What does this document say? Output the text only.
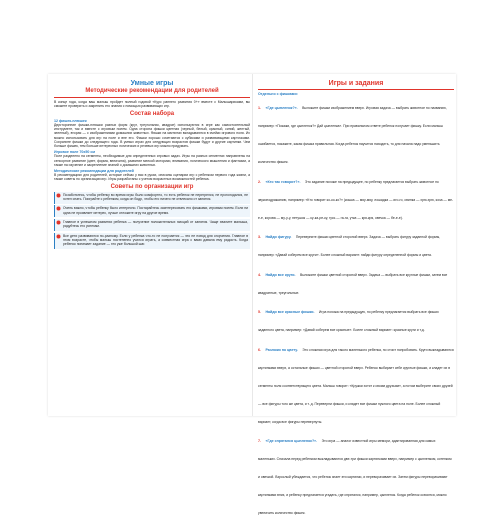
Умные игры
Методические рекомендации для родителей

В конце года, когда ваш малыш пройдет полный годовой «Курс раннего развития 0+» вместе с Малышариками, вы сможете проверить и закрепить его знания с помощью развивающих игр.

Состав набора
12 фишек-плюшек

Двусторонние фишки-плюшки разных форм (круг, треугольник, квадрат) используются в игре как самостоятельный инструмент, так и вместе с игровым полем. Одна сторона фишки цветная (черный, белый, красный, синий, желтый, зеленый), вторая — с изображениями домашних животных. Фишки на магнитах вкладываются в ячейки игрового поля. Их можно использовать для игр на поле и вне его. Фишки хорошо сочетаются с кубиками и развивающими карточками. Сохраните фишки до следующего года. В умных играх для следующих возрастов фишки будут и другие картинки. Чем больше фишек, тем больше интересных логических и речевых игр можно придумать.

Игровое поле 70х50 см

Поле разделено на сегменты, необходимые для определенных игровых задач. Игры на разных сегментах направлены на сенсорное развитие (цвет, форма, величина), развитие мелкой моторики, внимания, логического мышления и фантазии, а также на изучение и закрепление знаний о домашних животных.

Методические рекомендации для родителей

В рекомендациях для родителей, которые сейчас у вас в руках, описаны сценарии игр с ребенком первого года жизни, а также советы по организации игр. Игры разработаны с учетом возрастных возможностей ребенка.

Советы по организации игр

Позаботьтесь, чтобы ребенку во время игры было комфортно, то есть ребенок не перегрелся, не проголодался, не хотел спать. Поиграйте с ребенком, когда он бодр, чтобы его ничего не отвлекало от занятия.

Очень важно, чтобы ребенку было интересно. Постарайтесь заинтересовать его фишками, игровым полем. Если ни одна не проявляет интерес, лучше отложите игру на другое время.

Главное в успешном развитии ребенка — получение положительных эмоций от занятия. Чаще хвалите малыша, радуйтесь его успехам.

Все дети развиваются по-разному. Если у ребенка что-то не получается — это не повод для огорчения. Главное в этом возрасте, чтобы малыш постепенно учился играть, а совместная игра с вами давала ему радость. Когда ребенок понимает задание — это уже большой шаг.

Игры и задания
Отдельно с фишками:
1. «Где цыпленок?». Выложите фишки изображением вверх. Игровая задача — выбрать животное по названию, например: «Покажи, где цыпленок?» Дай цыпленка». При правильном ответе ребенок получает фишку. Если малыш ошибается, покажите, какая фишка правильная. Когда ребенок научится находить, то для начала надо уменьшить количество фишек.
2. «Кто так говорит?». Это задание похоже на предыдущее, но ребенку предлагается выбрать животное по звукоподражанию, например: «Кто говорит ко-ко-ко?» (кошка — мяу-мяу, лошадка — иго-го, свинка — хрю-хрю, коза — ме-е-е, корова — му-у-у, петушок — ку-ка-ре-ку, гусь — га-га, утка — кря-кря, овечка — бе-е-е).
3. Найди фигуру. Переверните фишки цветной стороной вверх. Задача — выбрать фигуру заданной формы, например: «Давай соберем все круги». Более сложный вариант: найди фигуру определенной формы и цвета.
4. Найди все круги. Выложите фишки цветной стороной вверх. Задача — выбрать все круглые фишки, затем все квадратные, треугольные.
5. Найди все красные фишки. Игра похожа на предыдущую, но ребенку предлагается выбрать все фишки заданного цвета, например: «Давай соберем все красные». Более сложный вариант: красные круги и т.д.
6. Разложи по цвету. Это сложная игра для такого маленького ребенка, но стоит попробовать. Круги выкладываются картинками вверх, а остальные фишки — цветной стороной вверх. Ребенок выбирает себе круглые фишки, и кладет их в сегменты поля соответствующего цвета. Малыш говорит: «Кружки хотят к своим друзьям», а потом выберите своих друзей — все фигуры того же цвета, и т. д. Переверни фишки, и кладет все фишки нужного цвета на поле. Более сложный вариант, когда все фигуры перевернуты.
7. «Где спрятался цыпленок?». Это игра — аналог известной игры мемори, адаптированная для самых маленьких. Сначала перед ребенком выкладываются две-три фишки картинками вверх, например с цыпленком, котенком и овечкой. Взрослый убеждается, что ребенок знает эти картинки, и переворачивает их. Затем фигуры переворачивают картинками вниз, и ребенку предлагается угадать, где спрятался, например, цыпленок. Когда ребенок освоится, можно увеличить количество фишек.
